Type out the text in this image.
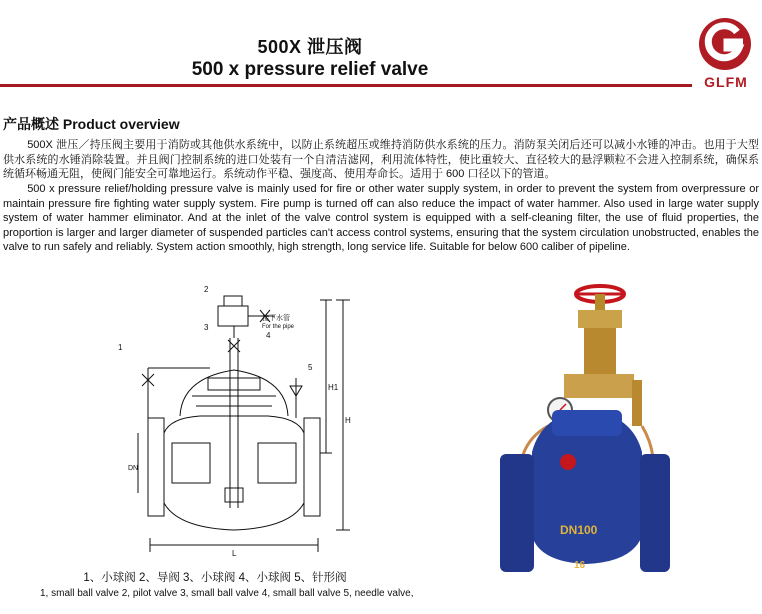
500X 泄压阀
500 x pressure relief valve
GLFM
产品概述 Product overview

500X 泄压／持压阀主要用于消防或其他供水系统中，以防止系统超压或维持消防供水系统的压力。消防泵关闭后还可以减小水锤的冲击。也用于大型供水系统的水锤消除装置。并且阀门控制系统的进口处装有一个自清洁滤网，利用流体特性，使比重较大、直径较大的悬浮颗粒不会进入控制系统，确保系统循环畅通无阻，使阀门能安全可靠地运行。系统动作平稳、强度高、使用寿命长。适用于 600 口径以下的管道。

500 x pressure relief/holding pressure valve is mainly used for fire or other water supply system, in order to prevent the system from overpressure or maintain pressure fire fighting water supply system. Fire pump is turned off can also reduce the impact of water hammer. Also used in large water supply system of water hammer eliminator. And at the inlet of the valve control system is equipped with a self-cleaning filter, the use of fluid properties, the proportion is larger and larger diameter of suspended particles can't access control systems, ensuring that the system circulation unobstructed, enables the valve to run safely and reliably. System action smoothly, high strength, long service life. Suitable for below 600 caliber of pipeline.

2
3
4
1
5
接下水管
For the pipe
H1
H
DN
L
DN100
16
1、小球阀 2、导阀 3、小球阀 4、小球阀 5、针形阀
1, small ball valve 2, pilot valve 3, small ball valve 4, small ball valve 5, needle valve,
